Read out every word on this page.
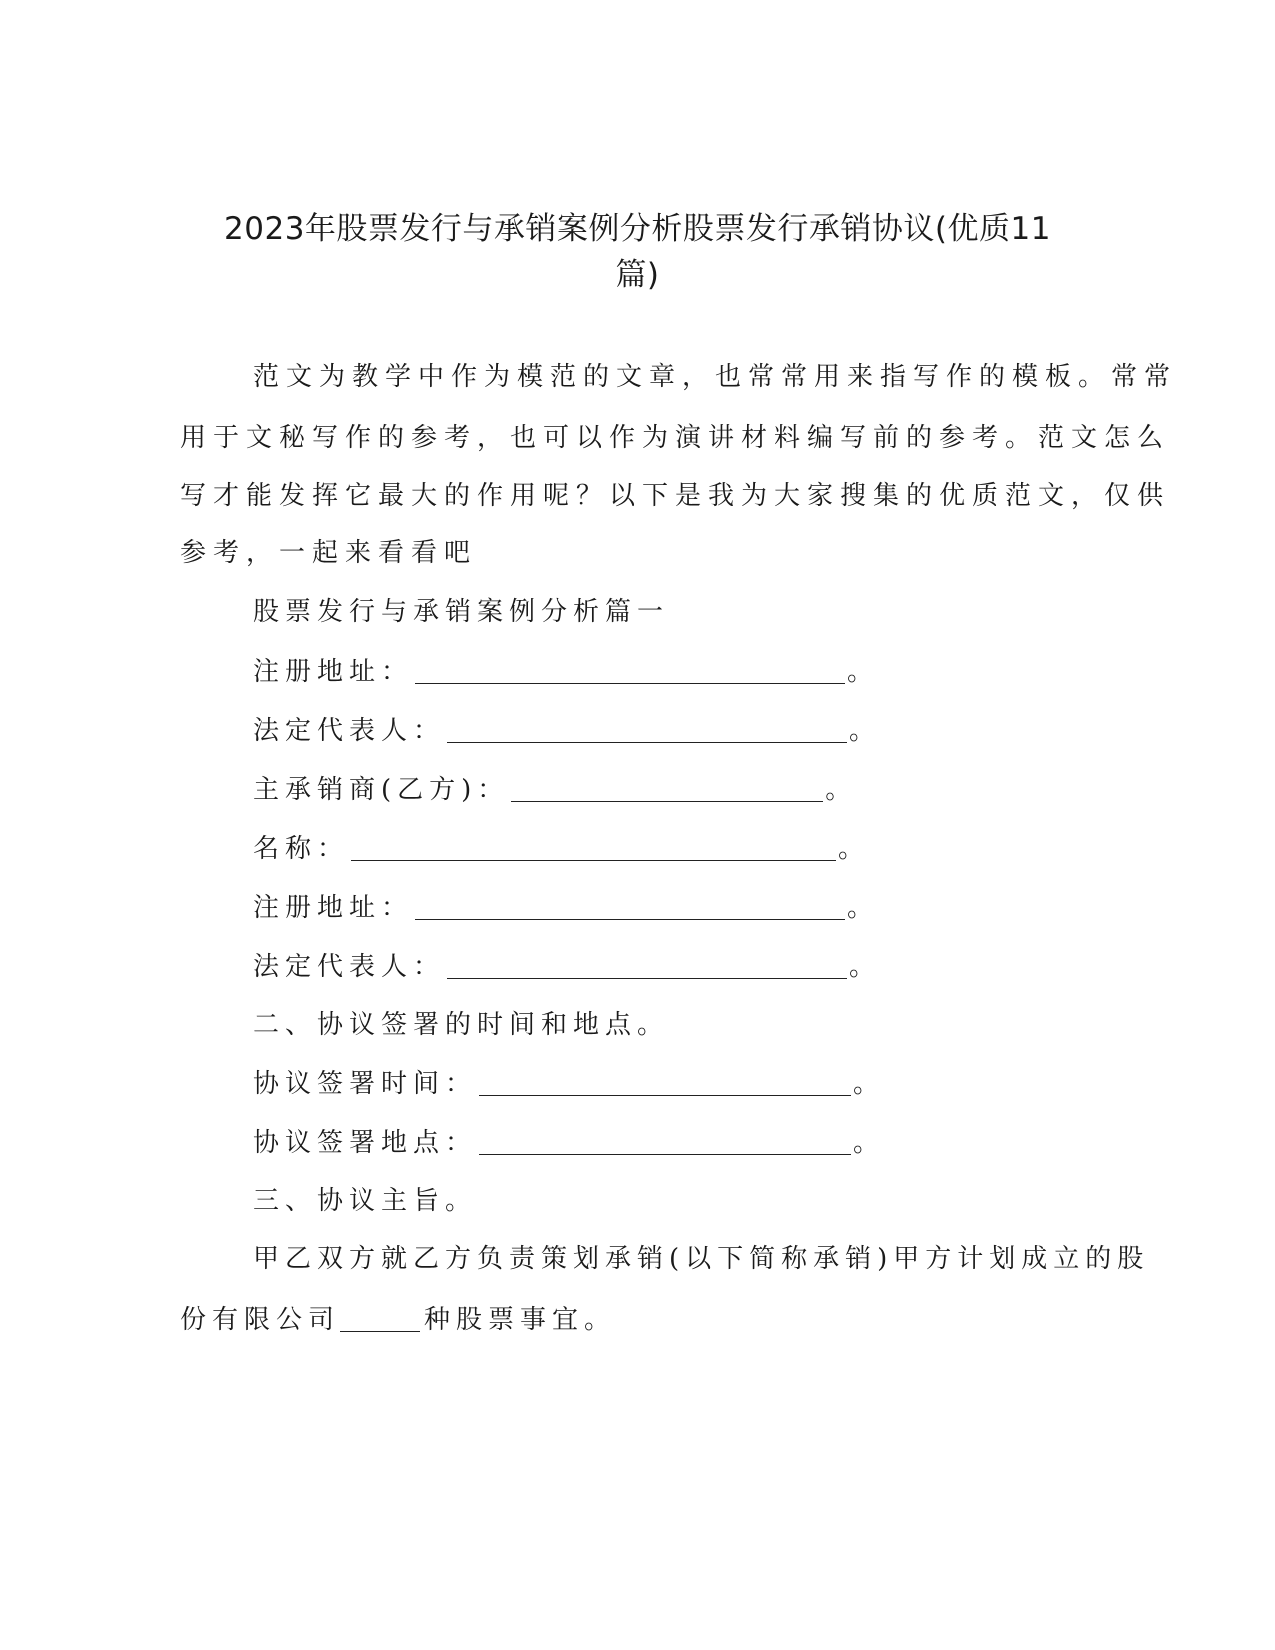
2023年股票发行与承销案例分析股票发行承销协议(优质11
篇)
范文为教学中作为模范的文章，也常常用来指写作的模板。常常
用于文秘写作的参考，也可以作为演讲材料编写前的参考。范文怎么
写才能发挥它最大的作用呢？以下是我为大家搜集的优质范文，仅供
参考，一起来看看吧
股票发行与承销案例分析篇一
注册地址：	。
法定代表人：	。
主承销商(乙方)：	。
名称：	。
注册地址：	。
法定代表人：	。
二、协议签署的时间和地点。
协议签署时间：	。
协议签署地点：	。
三、协议主旨。
甲乙双方就乙方负责策划承销(以下简称承销)甲方计划成立的股
份有限公司	种股票事宜。
